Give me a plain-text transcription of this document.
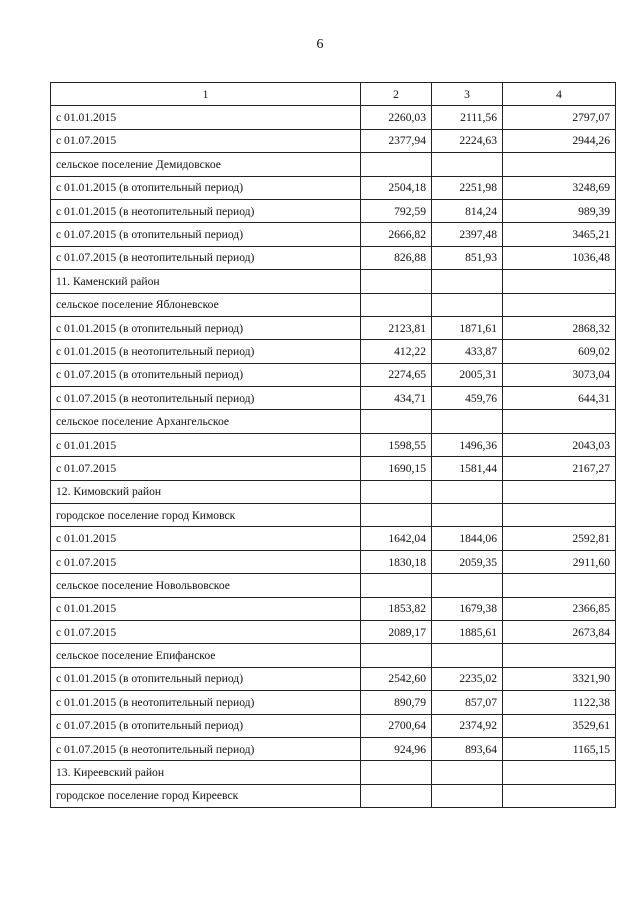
6
1	2	3	4
с 01.01.2015	2260,03	2111,56	2797,07
с 01.07.2015	2377,94	2224,63	2944,26
сельское поселение Демидовское			
с 01.01.2015 (в отопительный период)	2504,18	2251,98	3248,69
с 01.01.2015 (в неотопительный период)	792,59	814,24	989,39
с 01.07.2015 (в отопительный период)	2666,82	2397,48	3465,21
с 01.07.2015 (в неотопительный период)	826,88	851,93	1036,48
11. Каменский район			
сельское поселение Яблоневское			
с 01.01.2015 (в отопительный период)	2123,81	1871,61	2868,32
с 01.01.2015 (в неотопительный период)	412,22	433,87	609,02
с 01.07.2015 (в отопительный период)	2274,65	2005,31	3073,04
с 01.07.2015 (в неотопительный период)	434,71	459,76	644,31
сельское поселение Архангельское			
с 01.01.2015	1598,55	1496,36	2043,03
с 01.07.2015	1690,15	1581,44	2167,27
12. Кимовский район			
городское поселение город Кимовск			
с 01.01.2015	1642,04	1844,06	2592,81
с 01.07.2015	1830,18	2059,35	2911,60
сельское поселение Новольвовское			
с 01.01.2015	1853,82	1679,38	2366,85
с 01.07.2015	2089,17	1885,61	2673,84
сельское поселение Епифанское			
с 01.01.2015 (в отопительный период)	2542,60	2235,02	3321,90
с 01.01.2015 (в неотопительный период)	890,79	857,07	1122,38
с 01.07.2015 (в отопительный период)	2700,64	2374,92	3529,61
с 01.07.2015 (в неотопительный период)	924,96	893,64	1165,15
13. Киреевский район			
городское поселение город Киреевск			
